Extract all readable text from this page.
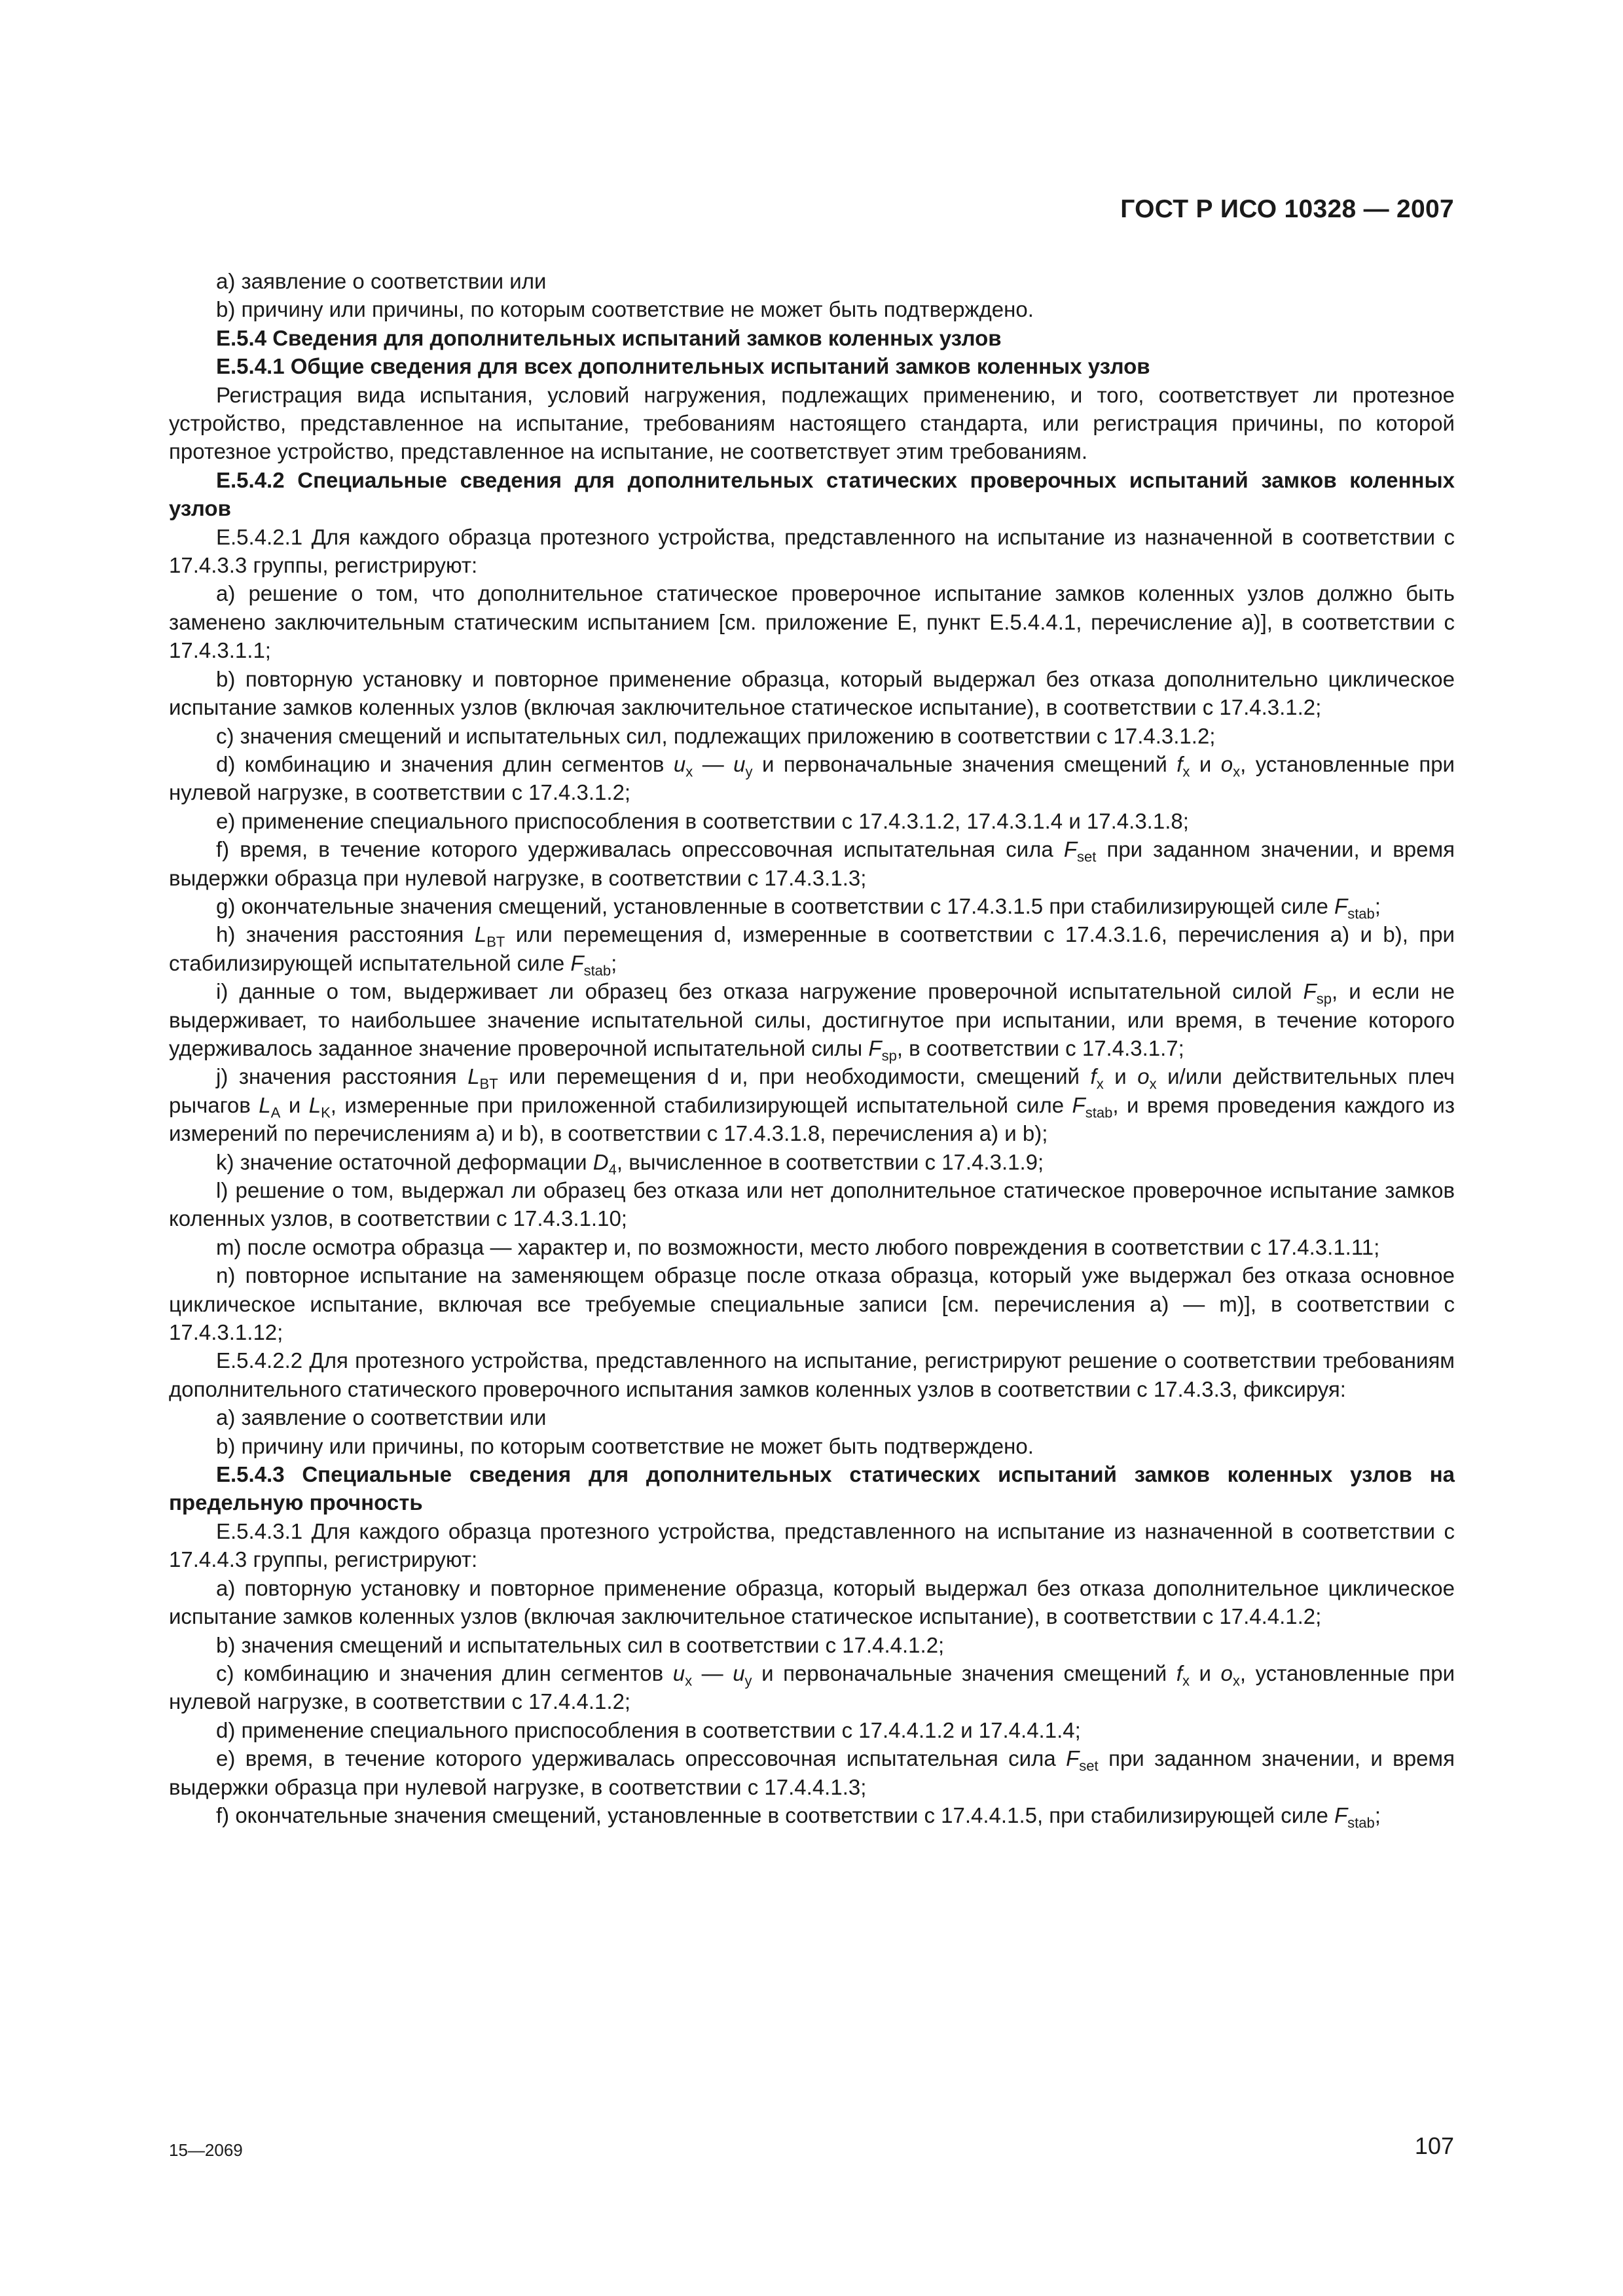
ГОСТ Р ИСО 10328 — 2007

а) заявление о соответствии или

b) причину или причины, по которым соответствие не может быть подтверждено.

Е.5.4 Сведения для дополнительных испытаний замков коленных узлов

Е.5.4.1 Общие сведения для всех дополнительных испытаний замков коленных узлов

Регистрация вида испытания, условий нагружения, подлежащих применению, и того, соответствует ли протезное устройство, представленное на испытание, требованиям настоящего стандарта, или регистрация причины, по которой протезное устройство, представленное на испытание, не соответствует этим требованиям.

Е.5.4.2 Специальные сведения для дополнительных статических проверочных испытаний замков коленных узлов

Е.5.4.2.1 Для каждого образца протезного устройства, представленного на испытание из назначенной в соответствии с 17.4.3.3 группы, регистрируют:

а) решение о том, что дополнительное статическое проверочное испытание замков коленных узлов должно быть заменено заключительным статическим испытанием [см. приложение Е, пункт Е.5.4.4.1, перечисление а)], в соответствии с 17.4.3.1.1;

b) повторную установку и повторное применение образца, который выдержал без отказа дополнительно циклическое испытание замков коленных узлов (включая заключительное статическое испытание), в соответствии с 17.4.3.1.2;

с) значения смещений и испытательных сил, подлежащих приложению в соответствии с 17.4.3.1.2;

d) комбинацию и значения длин сегментов $u_x$ — $u_y$ и первоначальные значения смещений $f_x$ и $o_x$, установленные при нулевой нагрузке, в соответствии с 17.4.3.1.2;

е) применение специального приспособления в соответствии с 17.4.3.1.2, 17.4.3.1.4 и 17.4.3.1.8;

f) время, в течение которого удерживалась опрессовочная испытательная сила $F_{set}$ при заданном значении, и время выдержки образца при нулевой нагрузке, в соответствии с 17.4.3.1.3;

g) окончательные значения смещений, установленные в соответствии с 17.4.3.1.5 при стабилизирующей силе $F_{stab}$;

h) значения расстояния $L_{BT}$ или перемещения d, измеренные в соответствии с 17.4.3.1.6, перечисления а) и b), при стабилизирующей испытательной силе $F_{stab}$;

i) данные о том, выдерживает ли образец без отказа нагружение проверочной испытательной силой $F_{sp}$, и если не выдерживает, то наибольшее значение испытательной силы, достигнутое при испытании, или время, в течение которого удерживалось заданное значение проверочной испытательной силы $F_{sp}$, в соответствии с 17.4.3.1.7;

j) значения расстояния $L_{BT}$ или перемещения d и, при необходимости, смещений $f_x$ и $o_x$ и/или действительных плеч рычагов $L_A$ и $L_K$, измеренные при приложенной стабилизирующей испытательной силе $F_{stab}$, и время проведения каждого из измерений по перечислениям а) и b), в соответствии с 17.4.3.1.8, перечисления а) и b);

k) значение остаточной деформации $D_4$, вычисленное в соответствии с 17.4.3.1.9;

l) решение о том, выдержал ли образец без отказа или нет дополнительное статическое проверочное испытание замков коленных узлов, в соответствии с 17.4.3.1.10;

m) после осмотра образца — характер и, по возможности, место любого повреждения в соответствии с 17.4.3.1.11;

n) повторное испытание на заменяющем образце после отказа образца, который уже выдержал без отказа основное циклическое испытание, включая все требуемые специальные записи [см. перечисления а) — m)], в соответствии с 17.4.3.1.12;

Е.5.4.2.2 Для протезного устройства, представленного на испытание, регистрируют решение о соответствии требованиям дополнительного статического проверочного испытания замков коленных узлов в соответствии с 17.4.3.3, фиксируя:

а) заявление о соответствии или

b) причину или причины, по которым соответствие не может быть подтверждено.

Е.5.4.3 Специальные сведения для дополнительных статических испытаний замков коленных узлов на предельную прочность

Е.5.4.3.1 Для каждого образца протезного устройства, представленного на испытание из назначенной в соответствии с 17.4.4.3 группы, регистрируют:

а) повторную установку и повторное применение образца, который выдержал без отказа дополнительное циклическое испытание замков коленных узлов (включая заключительное статическое испытание), в соответствии с 17.4.4.1.2;

b) значения смещений и испытательных сил в соответствии с 17.4.4.1.2;

с) комбинацию и значения длин сегментов $u_x$ — $u_y$ и первоначальные значения смещений $f_x$ и $o_x$, установленные при нулевой нагрузке, в соответствии с 17.4.4.1.2;

d) применение специального приспособления в соответствии с 17.4.4.1.2 и 17.4.4.1.4;

е) время, в течение которого удерживалась опрессовочная испытательная сила $F_{set}$ при заданном значении, и время выдержки образца при нулевой нагрузке, в соответствии с 17.4.4.1.3;

f) окончательные значения смещений, установленные в соответствии с 17.4.4.1.5, при стабилизирующей силе $F_{stab}$;

15—2069	107
